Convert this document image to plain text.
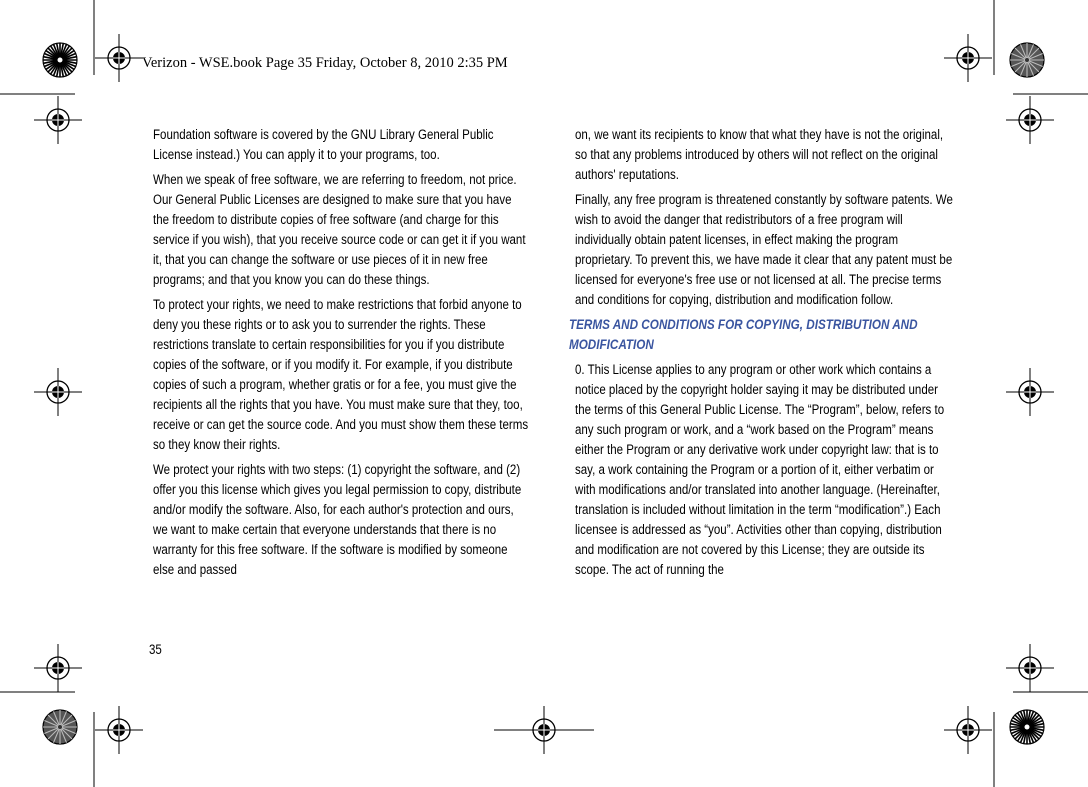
Verizon - WSE.book Page 35 Friday, October 8, 2010 2:35 PM

Foundation software is covered by the GNU Library General Public License instead.) You can apply it to your programs, too.

When we speak of free software, we are referring to freedom, not price. Our General Public Licenses are designed to make sure that you have the freedom to distribute copies of free software (and charge for this service if you wish), that you receive source code or can get it if you want it, that you can change the software or use pieces of it in new free programs; and that you know you can do these things.

To protect your rights, we need to make restrictions that forbid anyone to deny you these rights or to ask you to surrender the rights. These restrictions translate to certain responsibilities for you if you distribute copies of the software, or if you modify it. For example, if you distribute copies of such a program, whether gratis or for a fee, you must give the recipients all the rights that you have. You must make sure that they, too, receive or can get the source code. And you must show them these terms so they know their rights.

We protect your rights with two steps: (1) copyright the software, and (2) offer you this license which gives you legal permission to copy, distribute and/or modify the software. Also, for each author's protection and ours, we want to make certain that everyone understands that there is no warranty for this free software. If the software is modified by someone else and passed

on, we want its recipients to know that what they have is not the original, so that any problems introduced by others will not reflect on the original authors' reputations.

Finally, any free program is threatened constantly by software patents. We wish to avoid the danger that redistributors of a free program will individually obtain patent licenses, in effect making the program proprietary. To prevent this, we have made it clear that any patent must be licensed for everyone's free use or not licensed at all. The precise terms and conditions for copying, distribution and modification follow.

TERMS AND CONDITIONS FOR COPYING, DISTRIBUTION AND MODIFICATION

0. This License applies to any program or other work which contains a notice placed by the copyright holder saying it may be distributed under the terms of this General Public License. The “Program”, below, refers to any such program or work, and a “work based on the Program” means either the Program or any derivative work under copyright law: that is to say, a work containing the Program or a portion of it, either verbatim or with modifications and/or translated into another language. (Hereinafter, translation is included without limitation in the term “modification”.) Each licensee is addressed as “you”. Activities other than copying, distribution and modification are not covered by this License; they are outside its scope. The act of running the

35
